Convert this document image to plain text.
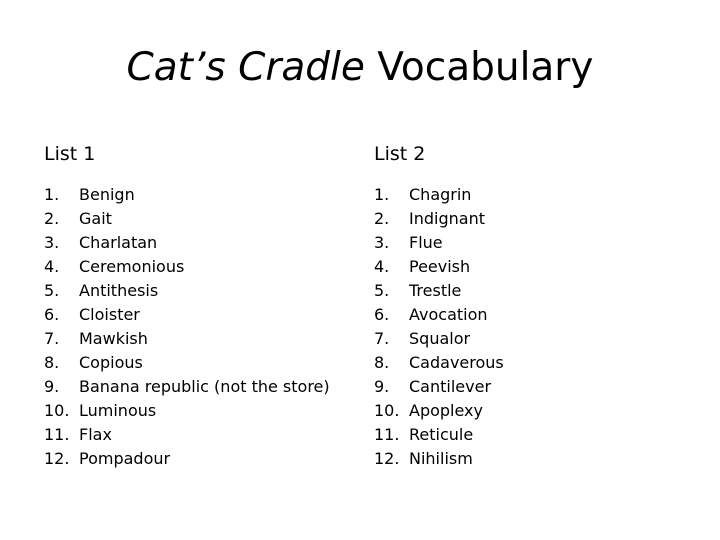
Cat’s Cradle Vocabulary
List 1
1.	Benign
2.	Gait
3.	Charlatan
4.	Ceremonious
5.	Antithesis
6.	Cloister
7.	Mawkish
8.	Copious
9.	Banana republic (not the store)
10. Luminous
11. Flax
12. Pompadour
List 2
1.	Chagrin
2.	Indignant
3.	Flue
4.	Peevish
5.	Trestle
6.	Avocation
7.	Squalor
8.	Cadaverous
9.	Cantilever
10. Apoplexy
11. Reticule
12. Nihilism
